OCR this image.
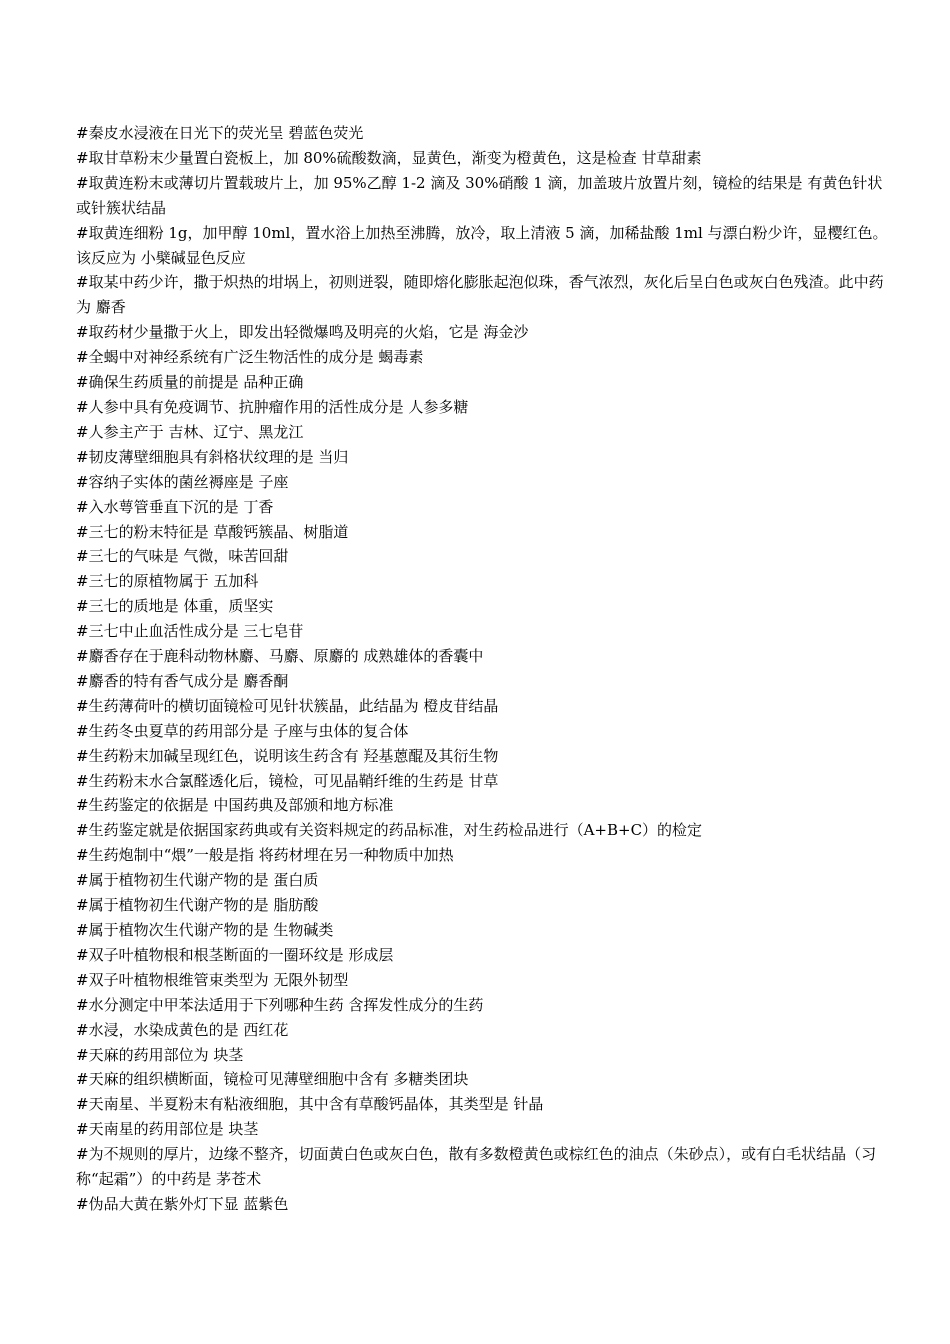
#秦皮水浸液在日光下的荧光呈 碧蓝色荧光

#取甘草粉末少量置白瓷板上，加 80%硫酸数滴，显黄色，渐变为橙黄色，这是检查 甘草甜素

#取黄连粉末或薄切片置载玻片上，加 95%乙醇 1-2 滴及 30%硝酸 1 滴，加盖玻片放置片刻，镜检的结果是 有黄色针状或针簇状结晶

#取黄连细粉 1g，加甲醇 10ml，置水浴上加热至沸腾，放冷，取上清液 5 滴，加稀盐酸 1ml 与漂白粉少许，显樱红色。该反应为 小檗碱显色反应

#取某中药少许，撒于炽热的坩埚上，初则迸裂，随即熔化膨胀起泡似珠，香气浓烈，灰化后呈白色或灰白色残渣。此中药为 麝香

#取药材少量撒于火上，即发出轻微爆鸣及明亮的火焰，它是 海金沙

#全蝎中对神经系统有广泛生物活性的成分是 蝎毒素

#确保生药质量的前提是 品种正确

#人参中具有免疫调节、抗肿瘤作用的活性成分是 人参多糖

#人参主产于 吉林、辽宁、黑龙江

#韧皮薄壁细胞具有斜格状纹理的是 当归

#容纳子实体的菌丝褥座是 子座

#入水萼管垂直下沉的是 丁香

#三七的粉末特征是 草酸钙簇晶、树脂道

#三七的气味是 气微，味苦回甜

#三七的原植物属于 五加科

#三七的质地是 体重，质坚实

#三七中止血活性成分是 三七皂苷

#麝香存在于鹿科动物林麝、马麝、原麝的 成熟雄体的香囊中

#麝香的特有香气成分是 麝香酮

#生药薄荷叶的横切面镜检可见针状簇晶，此结晶为 橙皮苷结晶

#生药冬虫夏草的药用部分是 子座与虫体的复合体

#生药粉末加碱呈现红色，说明该生药含有 羟基蒽醌及其衍生物

#生药粉末水合氯醛透化后，镜检，可见晶鞘纤维的生药是 甘草

#生药鉴定的依据是 中国药典及部颁和地方标准

#生药鉴定就是依据国家药典或有关资料规定的药品标准，对生药检品进行（A+B+C）的检定

#生药炮制中“煨”一般是指 将药材埋在另一种物质中加热

#属于植物初生代谢产物的是 蛋白质

#属于植物初生代谢产物的是 脂肪酸

#属于植物次生代谢产物的是 生物碱类

#双子叶植物根和根茎断面的一圈环纹是 形成层

#双子叶植物根维管束类型为 无限外韧型

#水分测定中甲苯法适用于下列哪种生药 含挥发性成分的生药

#水浸，水染成黄色的是 西红花

#天麻的药用部位为 块茎

#天麻的组织横断面，镜检可见薄壁细胞中含有 多糖类团块

#天南星、半夏粉末有粘液细胞，其中含有草酸钙晶体，其类型是 针晶

#天南星的药用部位是 块茎

#为不规则的厚片，边缘不整齐，切面黄白色或灰白色，散有多数橙黄色或棕红色的油点（朱砂点），或有白毛状结晶（习称“起霜”）的中药是 茅苍术

#伪品大黄在紫外灯下显 蓝紫色
